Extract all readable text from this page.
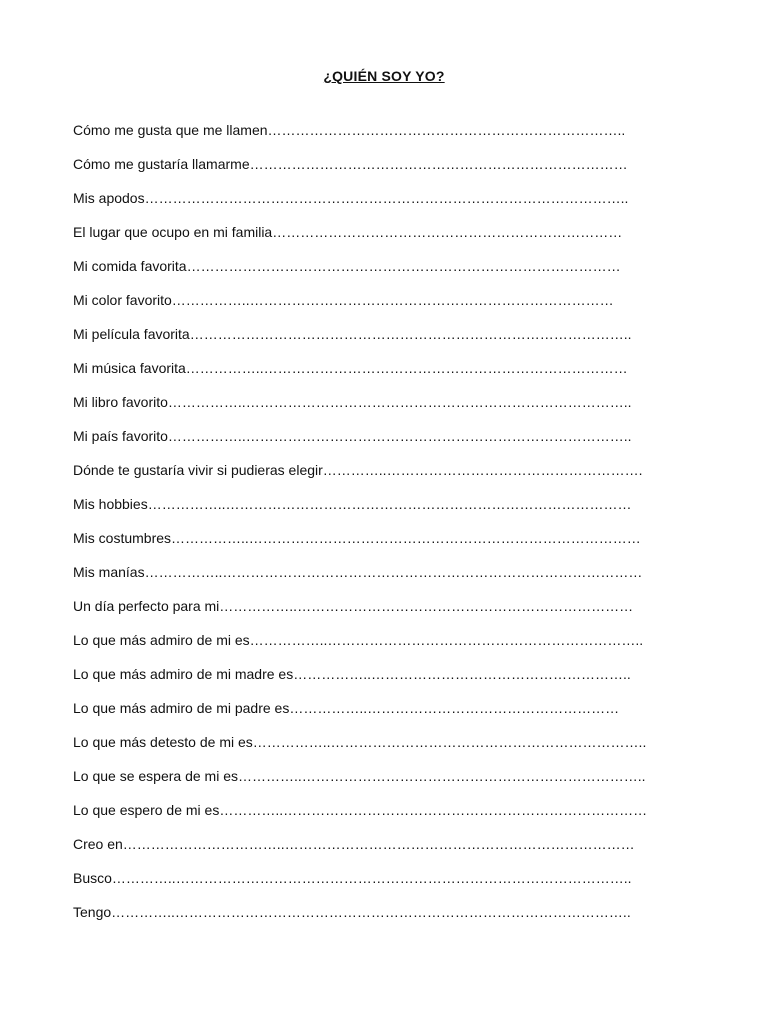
¿QUIÉN SOY YO?
Cómo me gusta que me llamen…………………………………………………………………..
Cómo me gustaría llamarme………………………………………………………………………
Mis apodos…………………………………………………………………………………………..
El lugar que ocupo en mi familia…………………………………………………………………
Mi comida favorita…………………………………………………………………………………
Mi color favorito……………..……………………………………………………………………
Mi película favorita…………………………………………………………………………………..
Mi música favorita……………..……………………………………………………………………
Mi libro favorito……………..………………………………………………………………………..
Mi país favorito……………..………………………………………………………………………..
Dónde te gustaría vivir si pudieras elegir…………..……………………………………………….
Mis hobbies……………..……………………………………………………………………………
Mis costumbres……………..…………………………………………………………………………
Mis manías……………..………………………………………………………………………………
Un día perfecto para mi……………..………………………………………………………………
Lo que más admiro de mi es……………..…………………………………………………………..
Lo que más admiro de mi madre es……………..………………………………………………..
Lo que más admiro de mi padre es……………..………………………………………………
Lo que más detesto de mi es……………..…………………………………………………………..
Lo que se espera de mi es…………..………………………………………………………………..
Lo que espero de mi es…………..……………………………………………………………………
Creo en……………………………..…………………………………………………………………
Busco…………..……………………………………………………………………………………..
Tengo…………..……………………………………………………………………………………..
